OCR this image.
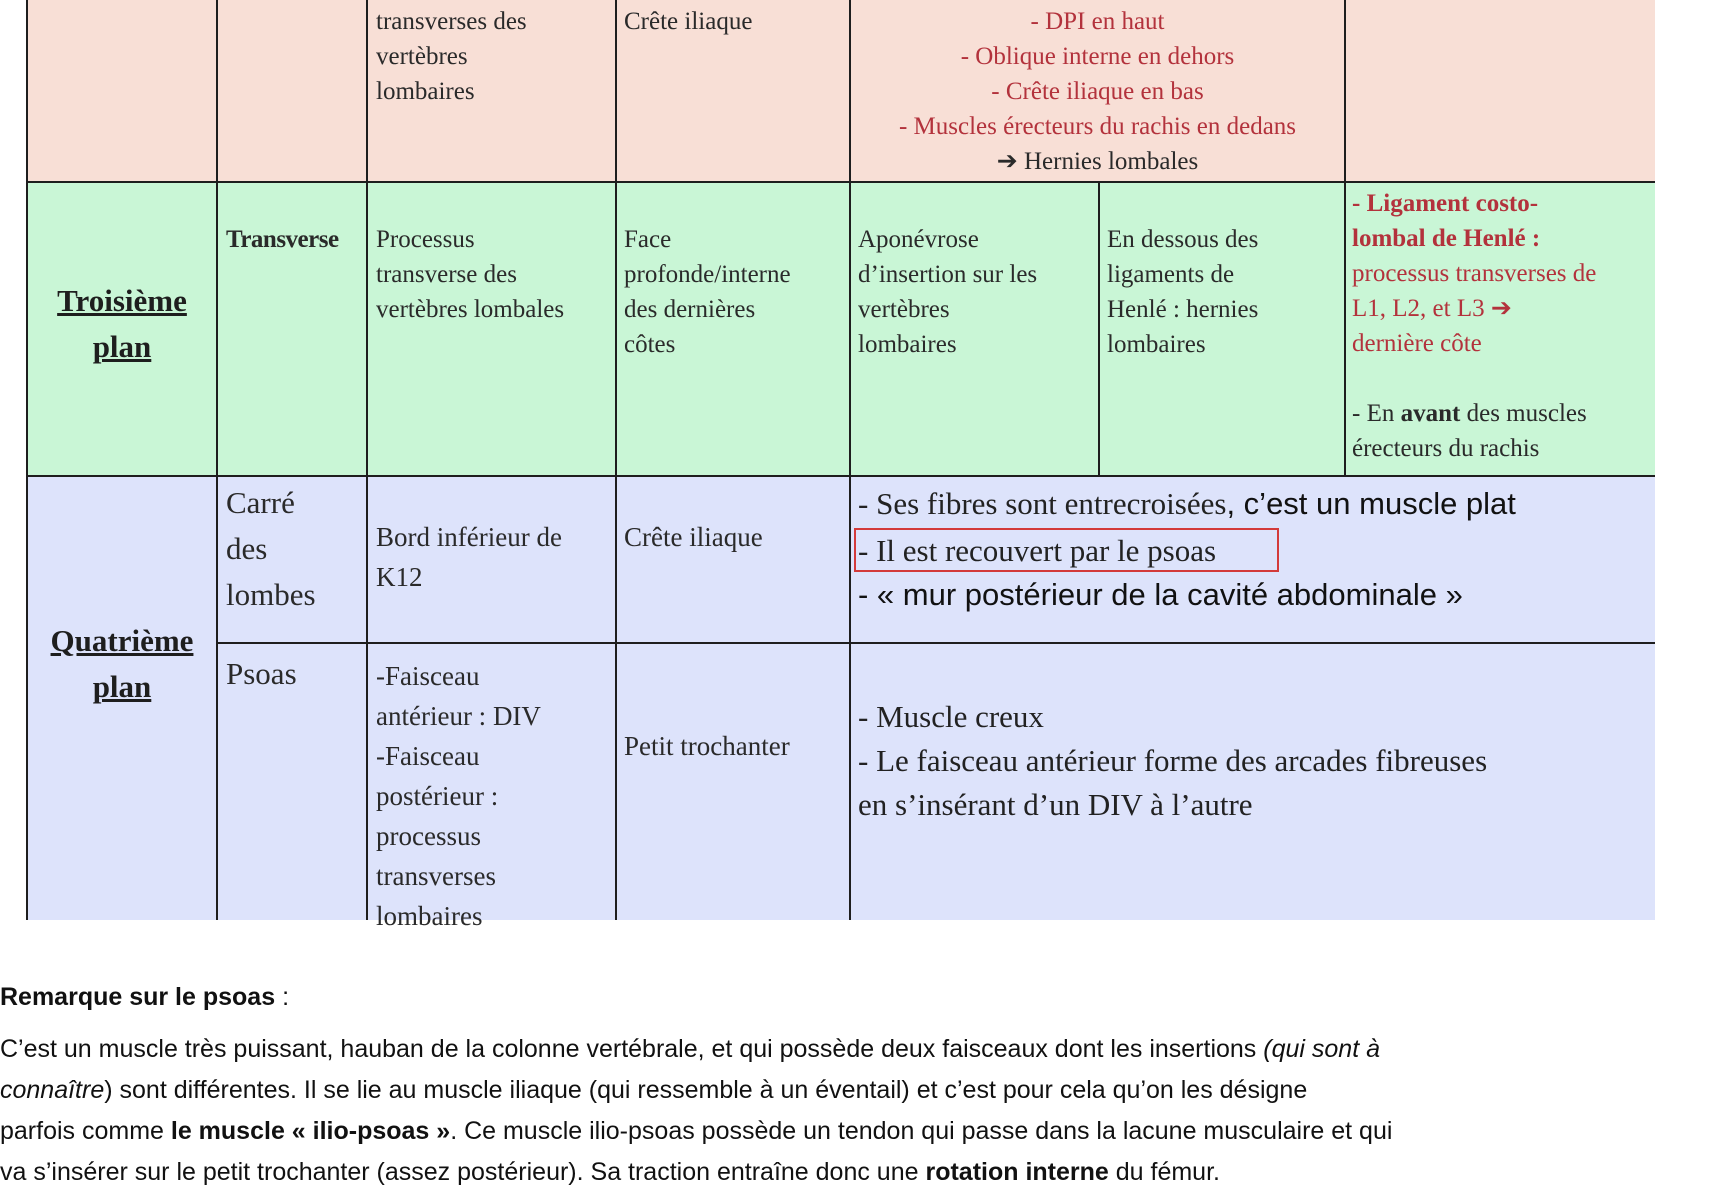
transverses des
vertèbres
lombaires
Crête iliaque	- DPI en haut
- Oblique interne en dehors
- Crête iliaque en bas
- Muscles érecteurs du rachis en dedans
➔ Hernies lombales
Troisième
plan
Transverse Processus
transverse des
vertèbres lombales
Face
profonde/interne
des dernières
côtes
Aponévrose
d’insertion sur les
vertèbres
lombaires
En dessous des
ligaments de
Henlé : hernies
lombaires
- Ligament costo-
lombal de Henlé :
processus transverses de
L1, L2, et L3 ➔
dernière côte
- En avant des muscles
érecteurs du rachis
Quatrième
plan
Carré
des
lombes
Bord inférieur de
K12
Crête iliaque
- Ses fibres sont entrecroisées, c’est un muscle plat
- Il est recouvert par le psoas
- « mur postérieur de la cavité abdominale »
Psoas	-Faisceau
antérieur : DIV
-Faisceau
postérieur :
processus
transverses
lombaires
Petit trochanter
- Muscle creux
- Le faisceau antérieur forme des arcades fibreuses
en s’insérant d’un DIV à l’autre
Remarque sur le psoas :
C’est un muscle très puissant, hauban de la colonne vertébrale, et qui possède deux faisceaux dont les insertions (qui sont à
connaître) sont différentes. Il se lie au muscle iliaque (qui ressemble à un éventail) et c’est pour cela qu’on les désigne
parfois comme le muscle « ilio-psoas ». Ce muscle ilio-psoas possède un tendon qui passe dans la lacune musculaire et qui
va s’insérer sur le petit trochanter (assez postérieur). Sa traction entraîne donc une rotation interne du fémur.
